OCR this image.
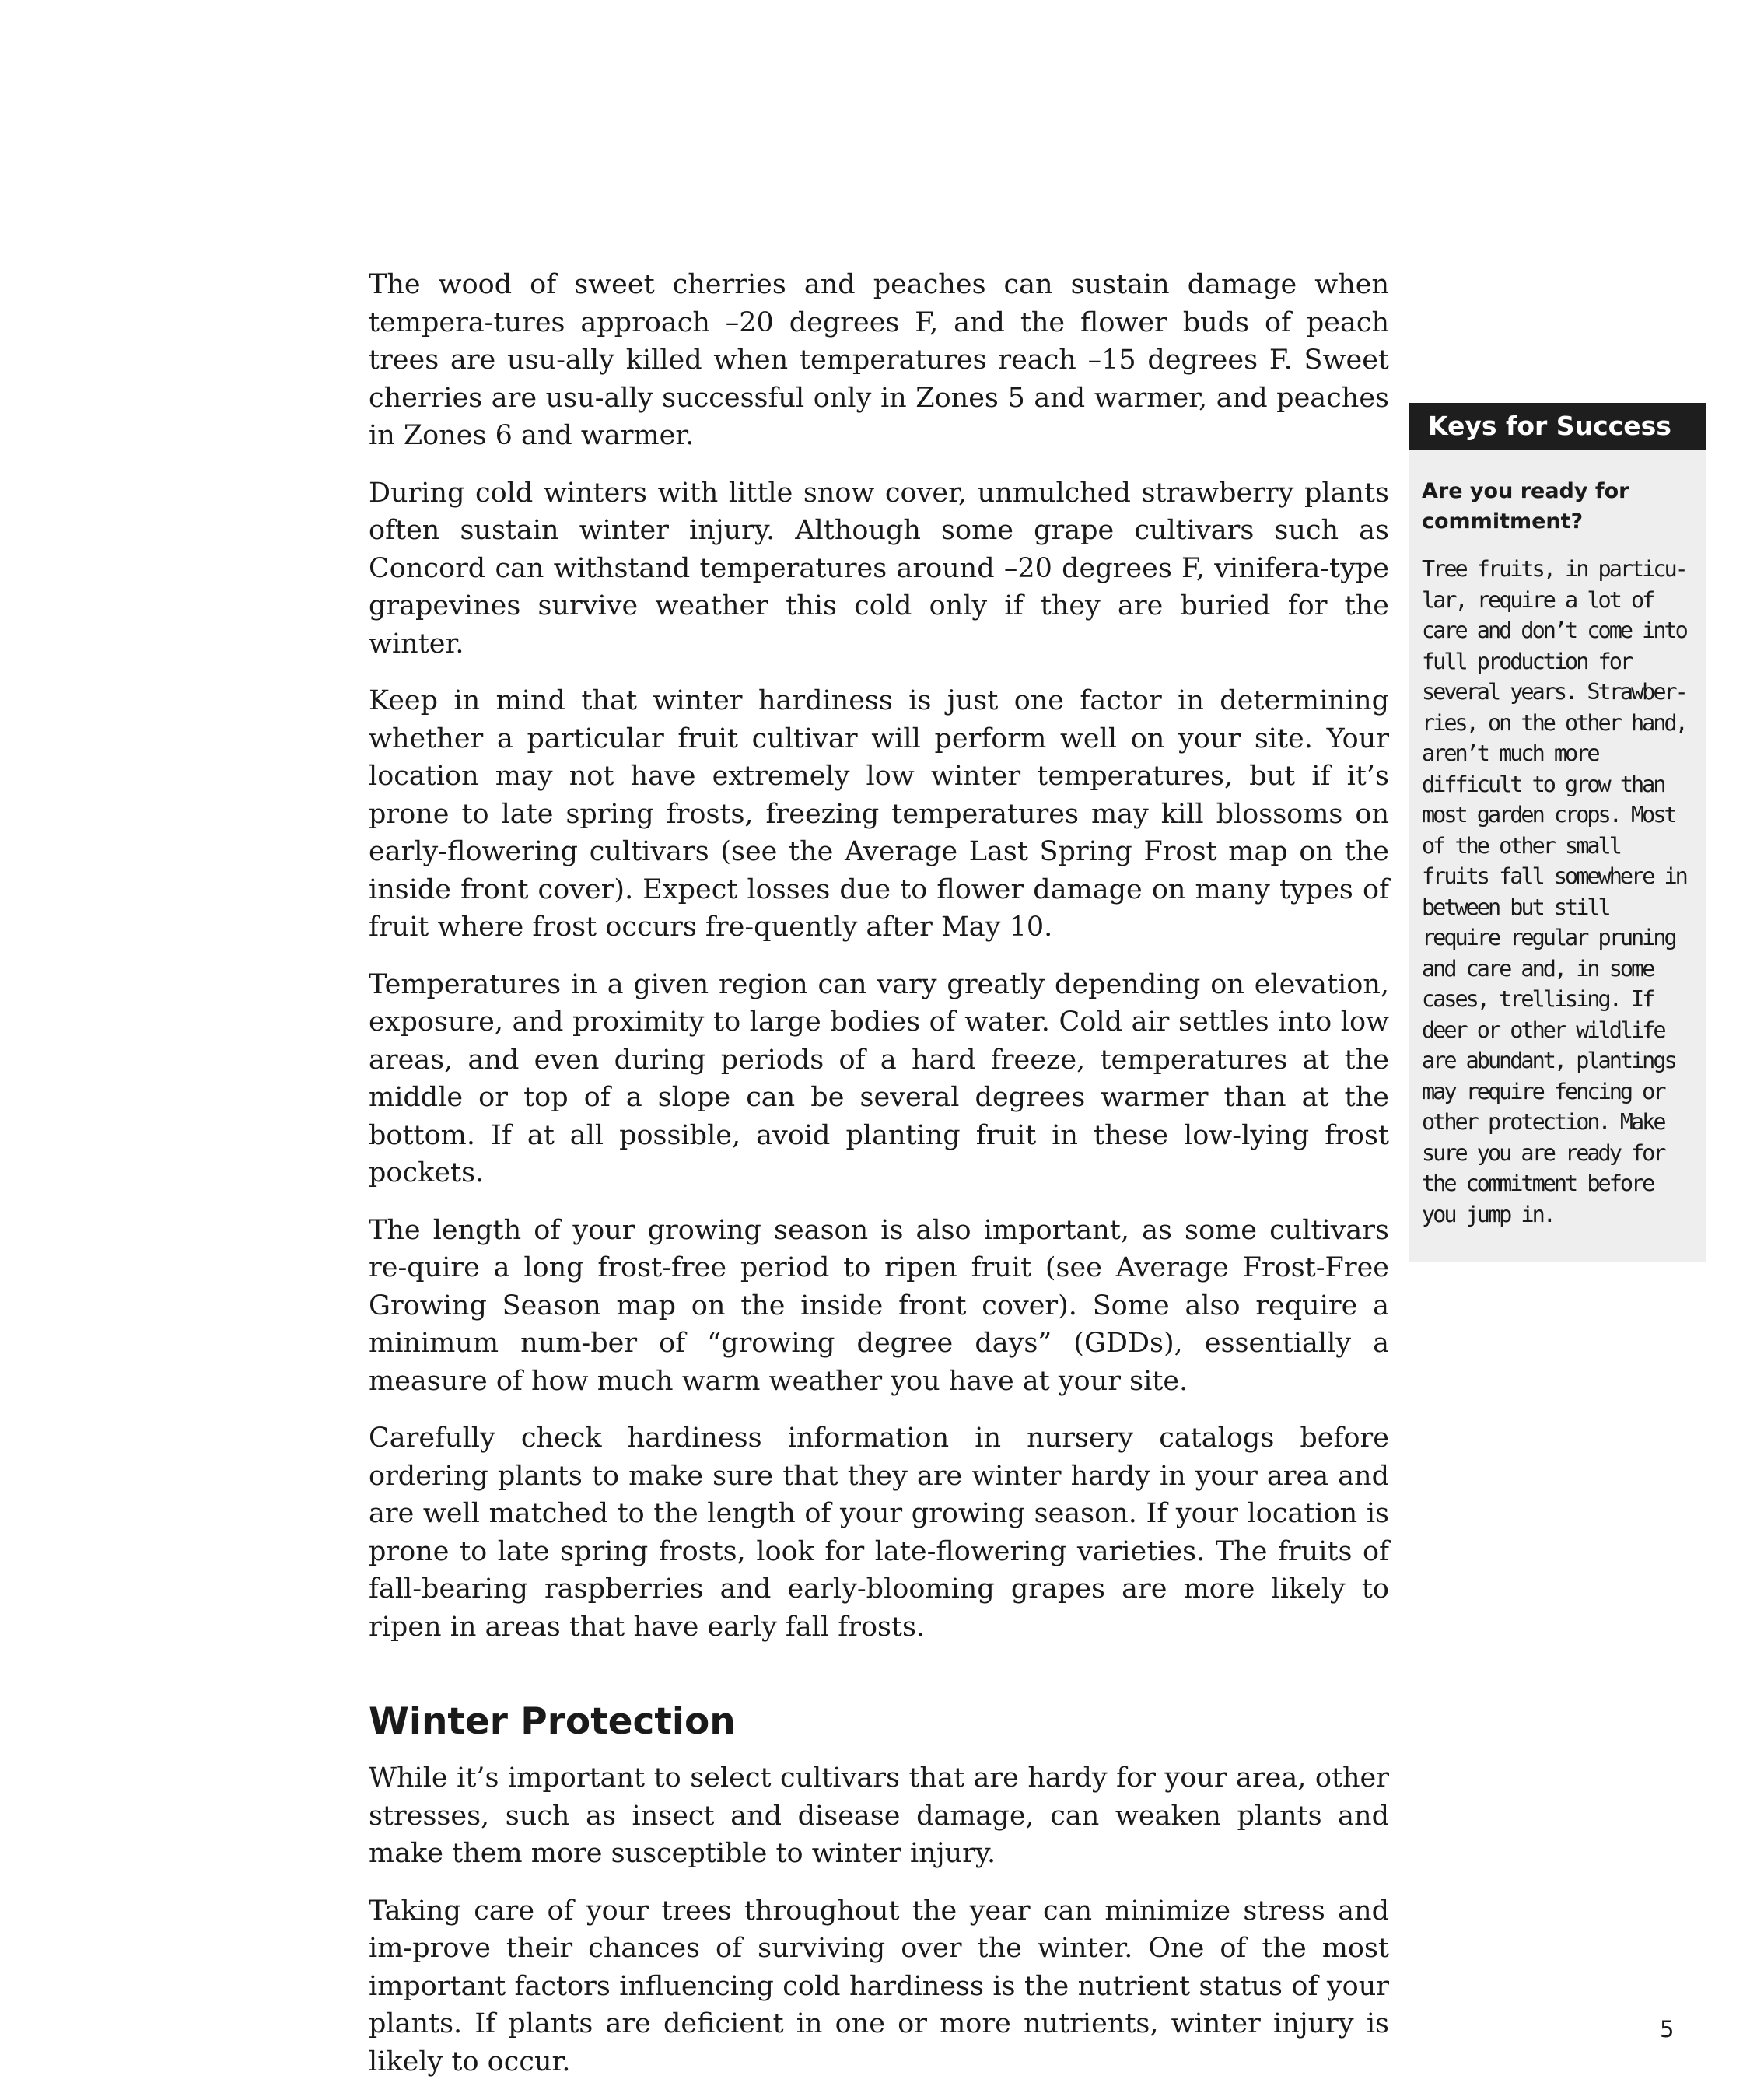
The wood of sweet cherries and peaches can sustain damage when tempera-tures approach –20 degrees F, and the flower buds of peach trees are usu-ally killed when temperatures reach –15 degrees F. Sweet cherries are usu-ally successful only in Zones 5 and warmer, and peaches in Zones 6 and warmer.

During cold winters with little snow cover, unmulched strawberry plants often sustain winter injury. Although some grape cultivars such as Concord can withstand temperatures around –20 degrees F, vinifera-type grapevines survive weather this cold only if they are buried for the winter.

Keep in mind that winter hardiness is just one factor in determining whether a particular fruit cultivar will perform well on your site. Your location may not have extremely low winter temperatures, but if it’s prone to late spring frosts, freezing temperatures may kill blossoms on early-flowering cultivars (see the Average Last Spring Frost map on the inside front cover). Expect losses due to flower damage on many types of fruit where frost occurs fre-quently after May 10.

Temperatures in a given region can vary greatly depending on elevation, exposure, and proximity to large bodies of water. Cold air settles into low areas, and even during periods of a hard freeze, temperatures at the middle or top of a slope can be several degrees warmer than at the bottom. If at all possible, avoid planting fruit in these low-lying frost pockets.

The length of your growing season is also important, as some cultivars re-quire a long frost-free period to ripen fruit (see Average Frost-Free Growing Season map on the inside front cover). Some also require a minimum num-ber of “growing degree days” (GDDs), essentially a measure of how much warm weather you have at your site.

Carefully check hardiness information in nursery catalogs before ordering plants to make sure that they are winter hardy in your area and are well matched to the length of your growing season. If your location is prone to late spring frosts, look for late-flowering varieties. The fruits of fall-bearing raspberries and early-blooming grapes are more likely to ripen in areas that have early fall frosts.

Winter Protection

While it’s important to select cultivars that are hardy for your area, other stresses, such as insect and disease damage, can weaken plants and make them more susceptible to winter injury.

Taking care of your trees throughout the year can minimize stress and im-prove their chances of surviving over the winter. One of the most important factors influencing cold hardiness is the nutrient status of your plants. If plants are deficient in one or more nutrients, winter injury is likely to occur.

Keys for Success

Are you ready for commitment?

Tree fruits, in particu-lar, require a lot of care and don’t come into full production for several years. Strawber-ries, on the other hand, aren’t much more difficult to grow than most garden crops. Most of the other small fruits fall somewhere in between but still require regular pruning and care and, in some cases, trellising. If deer or other wildlife are abundant, plantings may require fencing or other protection. Make sure you are ready for the commitment before you jump in.

5
